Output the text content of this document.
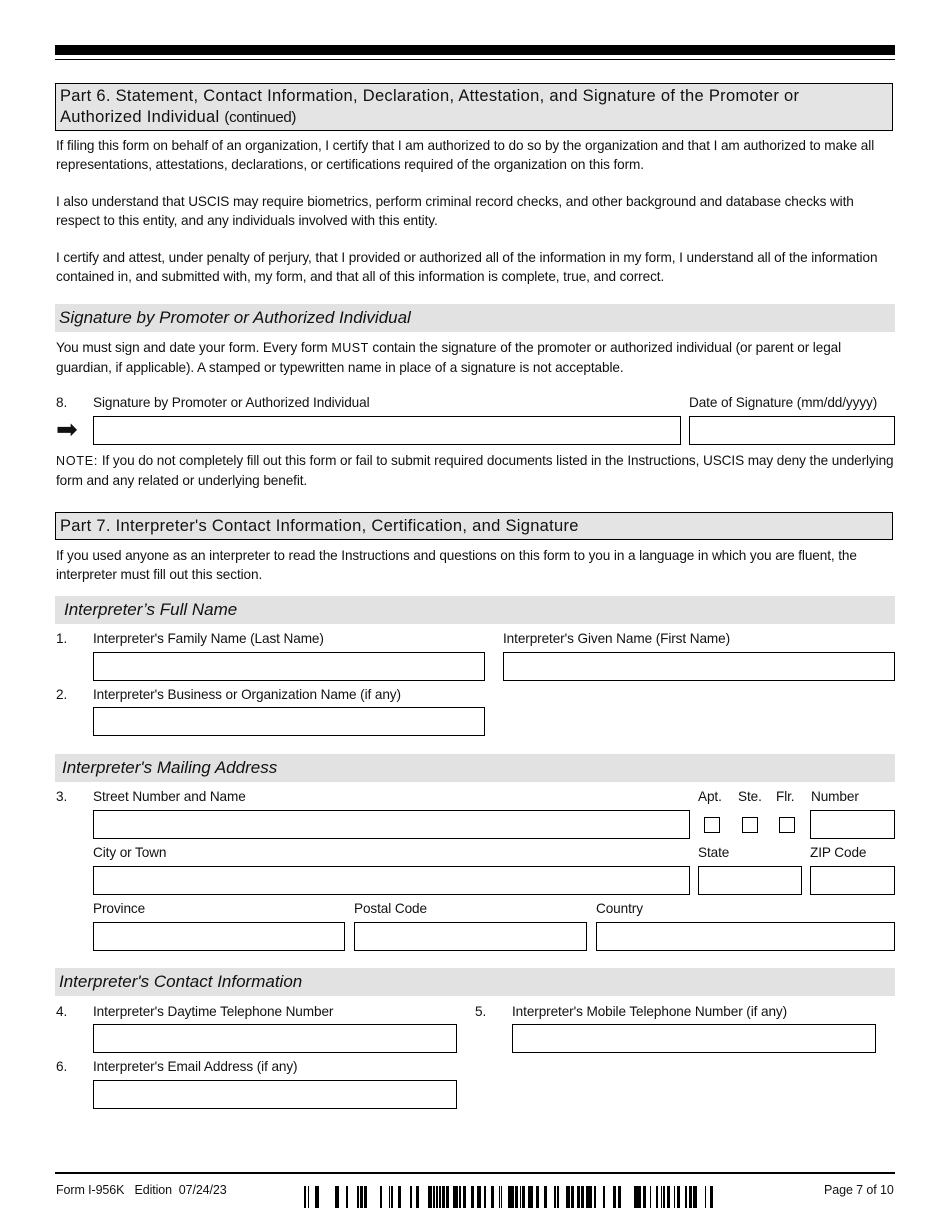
Part 6. Statement, Contact Information, Declaration, Attestation, and Signature of the Promoter or
Authorized Individual (continued)
If filing this form on behalf of an organization, I certify that I am authorized to do so by the organization and that I am authorized to make all representations, attestations, declarations, or certifications required of the organization on this form.
I also understand that USCIS may require biometrics, perform criminal record checks, and other background and database checks with respect to this entity, and any individuals involved with this entity.
I certify and attest, under penalty of perjury, that I provided or authorized all of the information in my form, I understand all of the information contained in, and submitted with, my form, and that all of this information is complete, true, and correct.
Signature by Promoter or Authorized Individual
You must sign and date your form. Every form MUST contain the signature of the promoter or authorized individual (or parent or legal guardian, if applicable). A stamped or typewritten name in place of a signature is not acceptable.
8. Signature by Promoter or Authorized Individual	Date of Signature (mm/dd/yyyy)
➡
NOTE: If you do not completely fill out this form or fail to submit required documents listed in the Instructions, USCIS may deny the underlying form and any related or underlying benefit.
Part 7. Interpreter's Contact Information, Certification, and Signature
If you used anyone as an interpreter to read the Instructions and questions on this form to you in a language in which you are fluent, the interpreter must fill out this section.
Interpreter’s Full Name
1. Interpreter's Family Name (Last Name)	Interpreter's Given Name (First Name)
2. Interpreter's Business or Organization Name (if any)
Interpreter's Mailing Address
3. Street Number and Name	Apt. Ste. Flr. Number
City or Town	State	ZIP Code
Province	Postal Code	Country
Interpreter's Contact Information
4. Interpreter's Daytime Telephone Number	5. Interpreter's Mobile Telephone Number (if any)
6. Interpreter's Email Address (if any)
Form I-956K   Edition  07/24/23	Page 7 of 10
